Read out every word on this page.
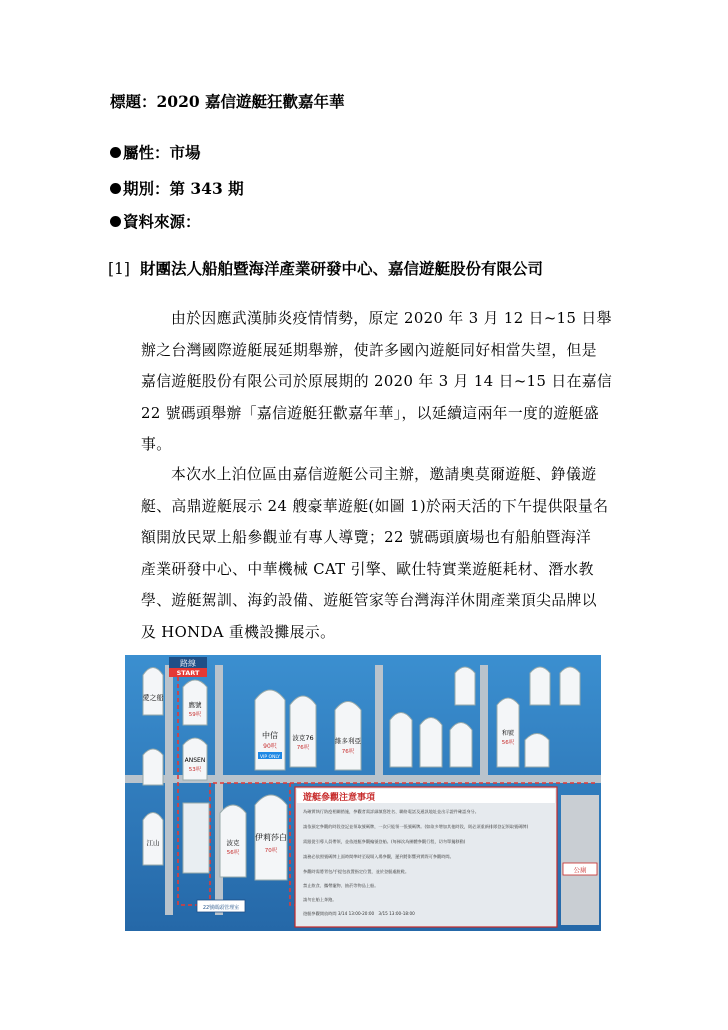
標題：2020 嘉信遊艇狂歡嘉年華
屬性：市場
期別：第 343 期
資料來源：
[1] 財團法人船舶暨海洋產業研發中心、嘉信遊艇股份有限公司
由於因應武漢肺炎疫情情勢，原定 2020 年 3 月 12 日~15 日舉
辦之台灣國際遊艇展延期舉辦，使許多國內遊艇同好相當失望，但是
嘉信遊艇股份有限公司於原展期的 2020 年 3 月 14 日~15 日在嘉信
22 號碼頭舉辦「嘉信遊艇狂歡嘉年華」，以延續這兩年一度的遊艇盛
事。
本次水上泊位區由嘉信遊艇公司主辦，邀請奧莫爾遊艇、錚儀遊
艇、高鼎遊艇展示 24 艘豪華遊艇(如圖 1)於兩天活的下午提供限量名
額開放民眾上船參觀並有專人導覽；22 號碼頭廣場也有船舶暨海洋
產業研發中心、中華機械 CAT 引擎、歐仕特實業遊艇耗材、潛水教
學、遊艇駕訓、海釣設備、遊艇管家等台灣海洋休閒產業頂尖品牌以
及 HONDA 重機設攤展示。
路線
START
愛之船
鷹號
59呎
ANSEN
53呎
江山
中信
90呎
VIP ONLY
波克76
76呎
維多利亞
76呎
和號
56呎
波克
56呎
伊莉莎白
70呎
遊艇參觀注意事項
為確實執行防疫相關措施，參觀者需詳細填寫姓名、聯絡電話及通訊地址並出示證件確認身分。
請依預定參觀的時段登記並領取號碼牌，一次只能領一張號碼牌。(如欲多增加其他時段，則必須重新排隊登記領取號碼牌)
需跟從引導人員帶領，並依遊艇參觀編號登船。(每梯次為團體參觀行程，切勿單獨移動)
請務必依照號碼牌上面時間準時至現場入場參觀，遲到將影響到實際可參觀時間。
參觀時需將背包/手提包放置指定位置，並於登艇處脫鞋。
禁止飲食、攜帶寵物、抽菸等物品上船。
請勿在船上奔跑。
遊艇參觀開放時間 3/14 13:00-20:00　3/15 13:00-18:00
公廁
22號碼頭管理室
